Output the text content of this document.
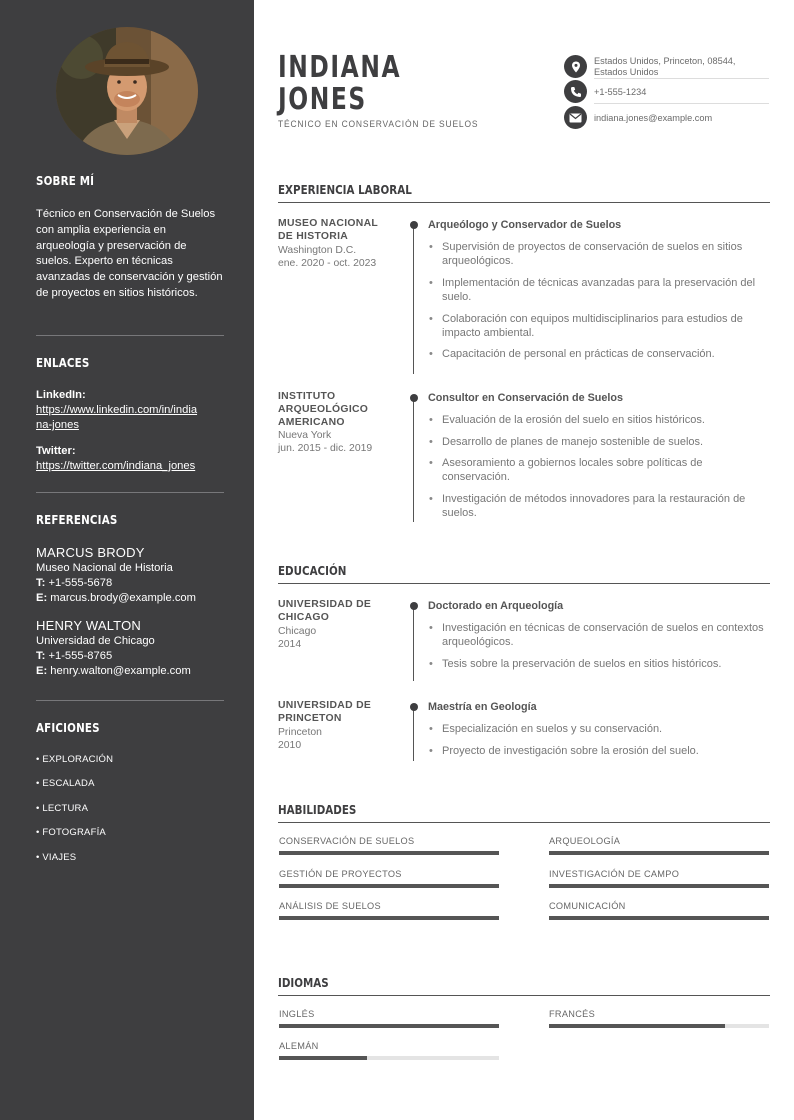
SOBRE MÍ

Técnico en Conservación de Suelos con amplia experiencia en arqueología y preservación de suelos. Experto en técnicas avanzadas de conservación y gestión de proyectos en sitios históricos.

ENLACES
LinkedIn:
https://www.linkedin.com/in/india
na-jones
Twitter:
https://twitter.com/indiana_jones
REFERENCIAS
MARCUS BRODY
Museo Nacional de Historia
T: +1-555-5678
E: marcus.brody@example.com
HENRY WALTON
Universidad de Chicago
T: +1-555-8765
E: henry.walton@example.com
AFICIONES
• EXPLORACIÓN
• ESCALADA
• LECTURA
• FOTOGRAFÍA
• VIAJES
INDIANA
JONES
TÉCNICO EN CONSERVACIÓN DE SUELOS
Estados Unidos, Princeton, 08544,
Estados Unidos
+1-555-1234
indiana.jones@example.com
EXPERIENCIA LABORAL
MUSEO NACIONAL
DE HISTORIA
Washington D.C.
ene. 2020 - oct. 2023
Arqueólogo y Conservador de Suelos
• Supervisión de proyectos de conservación de suelos en sitios arqueológicos.
• Implementación de técnicas avanzadas para la preservación del suelo.
• Colaboración con equipos multidisciplinarios para estudios de impacto ambiental.
• Capacitación de personal en prácticas de conservación.
INSTITUTO
ARQUEOLÓGICO
AMERICANO
Nueva York
jun. 2015 - dic. 2019
Consultor en Conservación de Suelos
• Evaluación de la erosión del suelo en sitios históricos.
• Desarrollo de planes de manejo sostenible de suelos.
• Asesoramiento a gobiernos locales sobre políticas de conservación.
• Investigación de métodos innovadores para la restauración de suelos.
EDUCACIÓN
UNIVERSIDAD DE
CHICAGO
Chicago
2014
Doctorado en Arqueología
• Investigación en técnicas de conservación de suelos en contextos arqueológicos.
• Tesis sobre la preservación de suelos en sitios históricos.
UNIVERSIDAD DE
PRINCETON
Princeton
2010
Maestría en Geología
• Especialización en suelos y su conservación.
• Proyecto de investigación sobre la erosión del suelo.
HABILIDADES
CONSERVACIÓN DE SUELOS	ARQUEOLOGÍA
GESTIÓN DE PROYECTOS	INVESTIGACIÓN DE CAMPO
ANÁLISIS DE SUELOS	COMUNICACIÓN
IDIOMAS
INGLÉS	FRANCÉS
ALEMÁN
